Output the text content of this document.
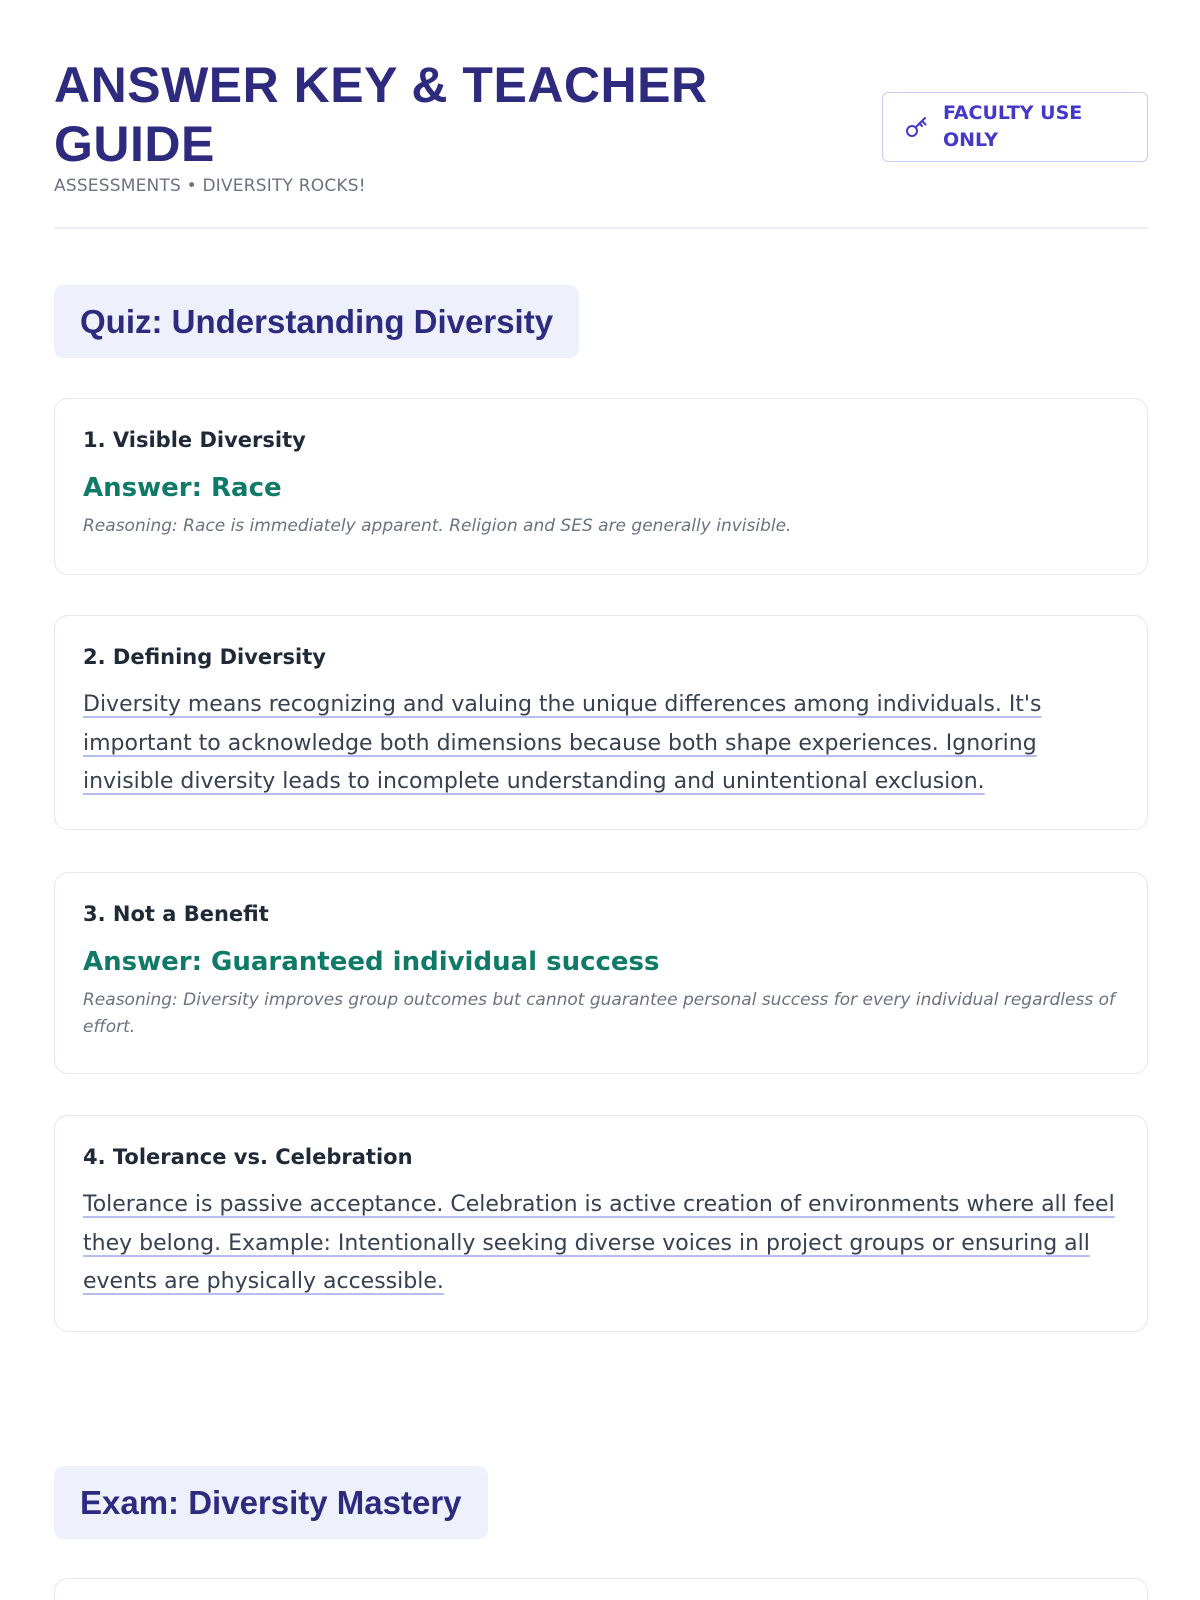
ANSWER KEY & TEACHER GUIDE
ASSESSMENTS • DIVERSITY ROCKS!
FACULTY USE ONLY
Quiz: Understanding Diversity
1. Visible Diversity
Answer: Race
Reasoning: Race is immediately apparent. Religion and SES are generally invisible.
2. Defining Diversity
Diversity means recognizing and valuing the unique differences among individuals. It's important to acknowledge both dimensions because both shape experiences. Ignoring invisible diversity leads to incomplete understanding and unintentional exclusion.
3. Not a Benefit
Answer: Guaranteed individual success
Reasoning: Diversity improves group outcomes but cannot guarantee personal success for every individual regardless of effort.
4. Tolerance vs. Celebration
Tolerance is passive acceptance. Celebration is active creation of environments where all feel they belong. Example: Intentionally seeking diverse voices in project groups or ensuring all events are physically accessible.
Exam: Diversity Mastery
